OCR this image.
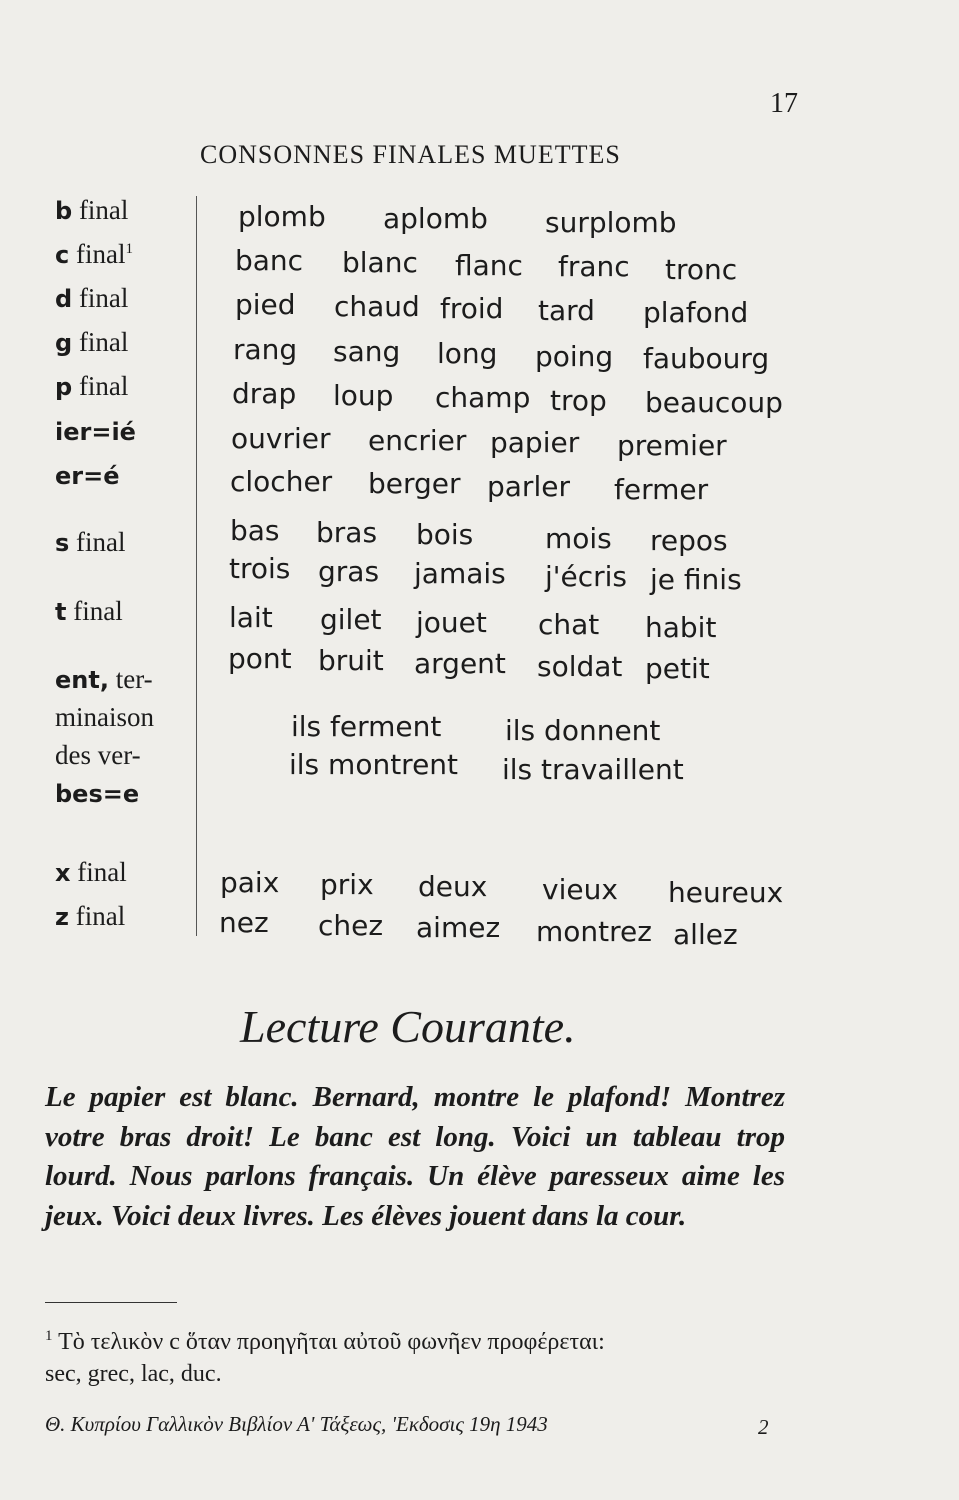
17
CONSONNES FINALES MUETTES
b final
c final$^1$
d final
g final
p final
ier=ié
er=é
s final
t final
ent, ter-
minaison
des ver-
bes=e
x final
z final
plomb aplomb surplomb
banc blanc flanc franc tronc
pied chaud froid tard plafond
rang sang long poing faubourg
drap loup champ trop beaucoup
ouvrier encrier papier premier
clocher berger parler fermer
bas bras bois	mois repos
trois gras jamais j'écris je finis
lait gilet jouet chat habit
pont bruit argent soldat petit
ils ferment ils donnent
ils montrent ils travaillent
paix prix deux vieux heureux
nez chez aimez montrez allez
Lecture Courante.
Le papier est blanc. Bernard, montre le plafond! Montrez votre bras droit! Le banc est long. Voici un tableau trop lourd. Nous parlons français. Un élève paresseux aime les jeux. Voici deux livres. Les élèves jouent dans la cour.
$^1$ Τὸ τελικὸν c ὅταν προηγῆται αὐτοῦ φωνῆεν προφέρεται:
sec, grec, lac, duc.
Θ. Κυπρίου Γαλλικὸν Βιβλίον Α' Τάξεως, 'Εκδοσις 19η 1943	2
